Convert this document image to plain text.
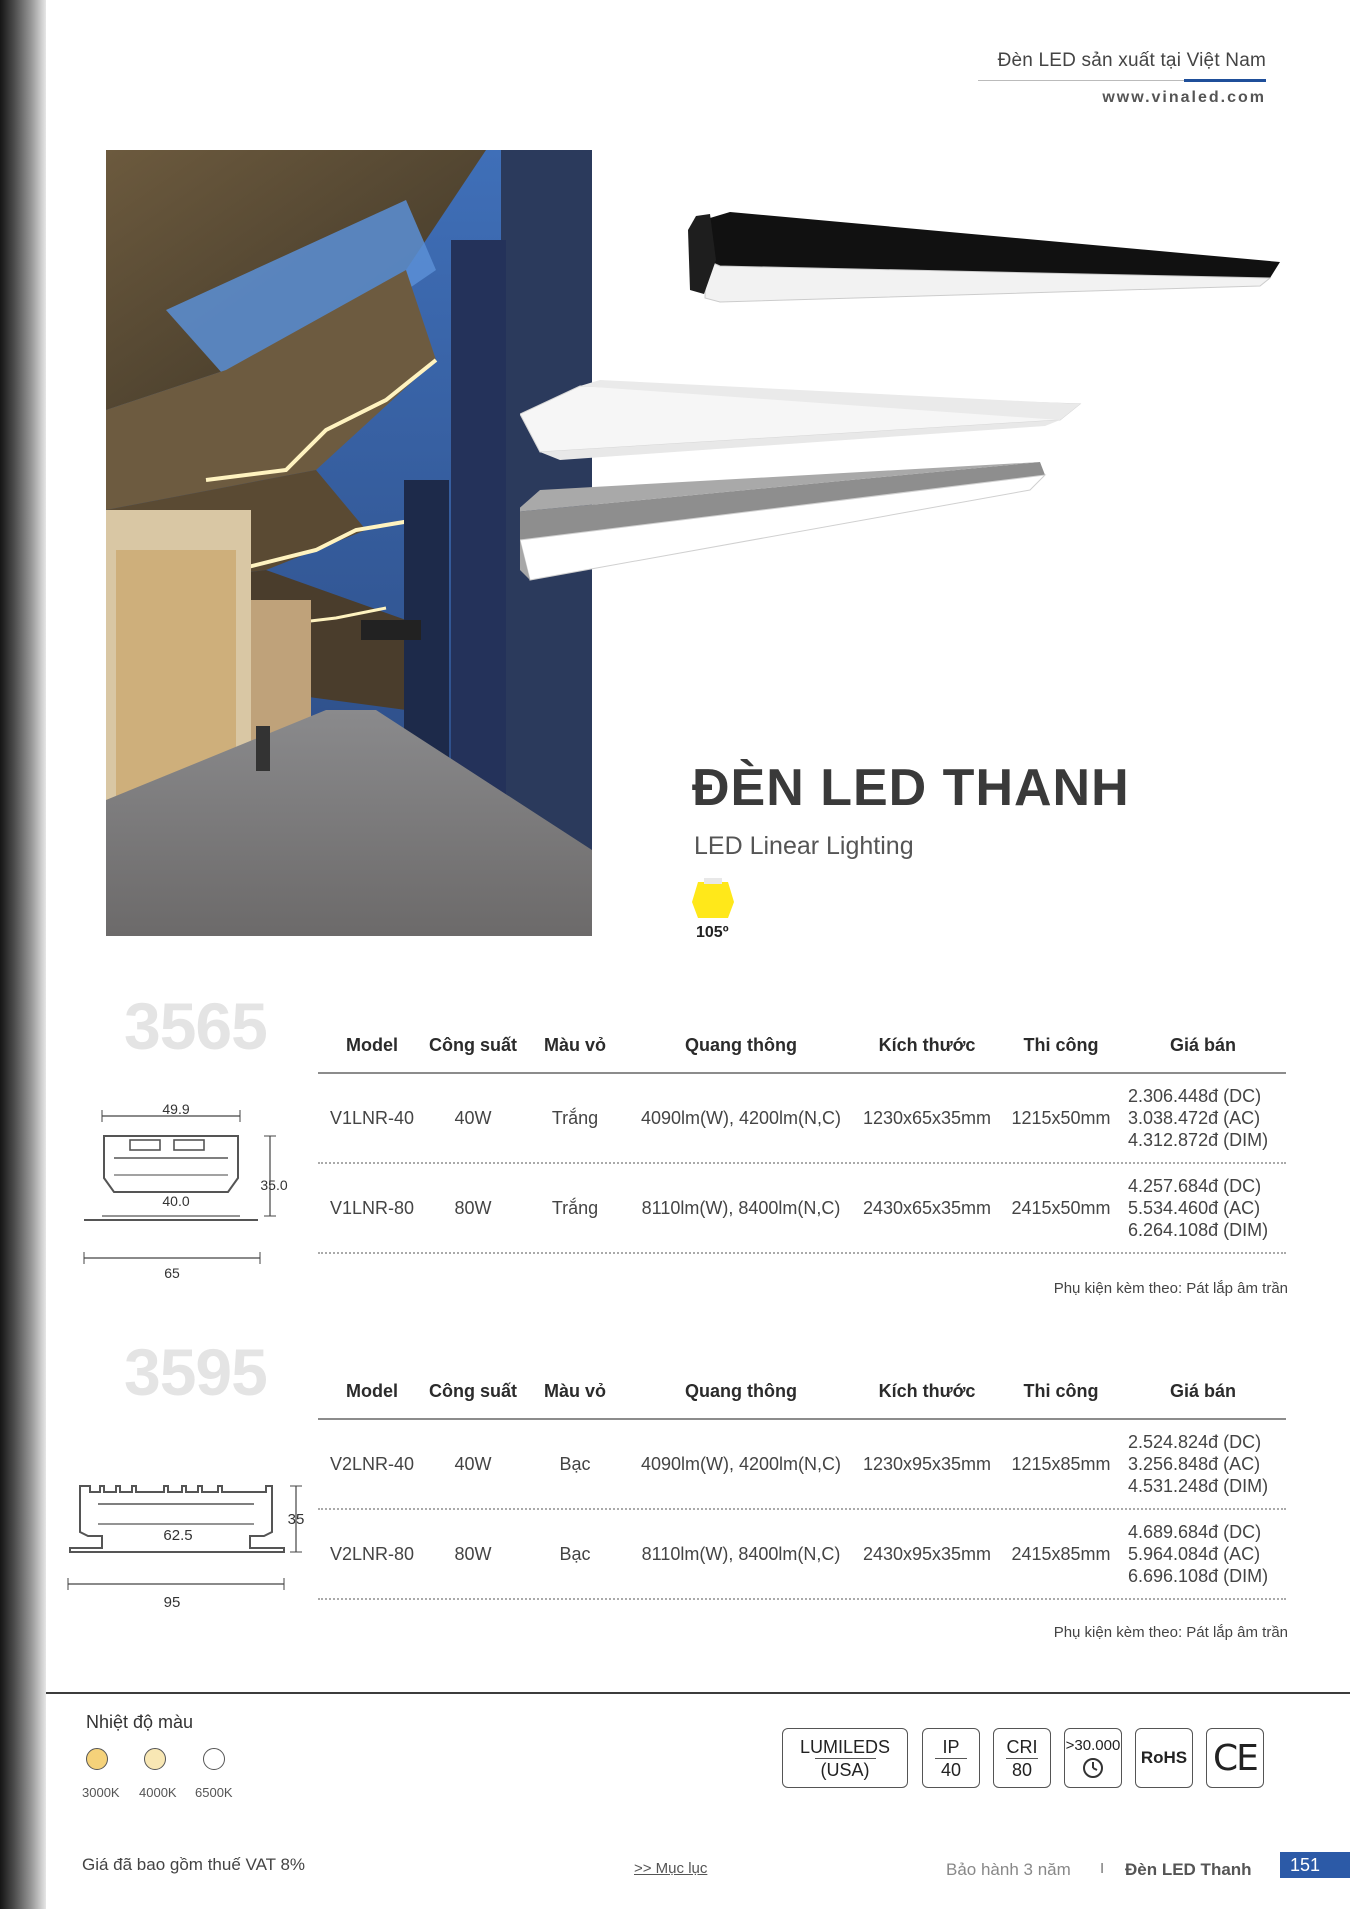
Đèn LED sản xuất tại Việt Nam
www.vinaled.com
ĐÈN LED THANH
LED Linear Lighting
105º
3565
49.9
40.0
35.0
65
Model	Công suất	Màu vỏ	Quang thông	Kích thước	Thi công	Giá bán
V1LNR-40	40W	Trắng	4090lm(W), 4200lm(N,C)	1230x65x35mm	1215x50mm
2.306.448đ (DC)
3.038.472đ (AC)
4.312.872đ (DIM)
V1LNR-80	80W	Trắng	8110lm(W), 8400lm(N,C)	2430x65x35mm	2415x50mm
4.257.684đ (DC)
5.534.460đ (AC)
6.264.108đ (DIM)
Phụ kiện kèm theo: Pát lắp âm trần
3595
62.5
35
95
Model	Công suất	Màu vỏ	Quang thông	Kích thước	Thi công	Giá bán
V2LNR-40	40W	Bạc	4090lm(W), 4200lm(N,C)	1230x95x35mm	1215x85mm
2.524.824đ (DC)
3.256.848đ (AC)
4.531.248đ (DIM)
V2LNR-80	80W	Bạc	8110lm(W), 8400lm(N,C)	2430x95x35mm	2415x85mm
4.689.684đ (DC)
5.964.084đ (AC)
6.696.108đ (DIM)
Phụ kiện kèm theo: Pát lắp âm trần
Nhiệt độ màu
3000K 4000K 6500K
LUMILEDS
(USA)
IP
40
CRI
80
>30.000
RoHS CE
Giá đã bao gồm thuế VAT 8%	>> Mục lục	Bảo hành 3 năm I Đèn LED Thanh	151
